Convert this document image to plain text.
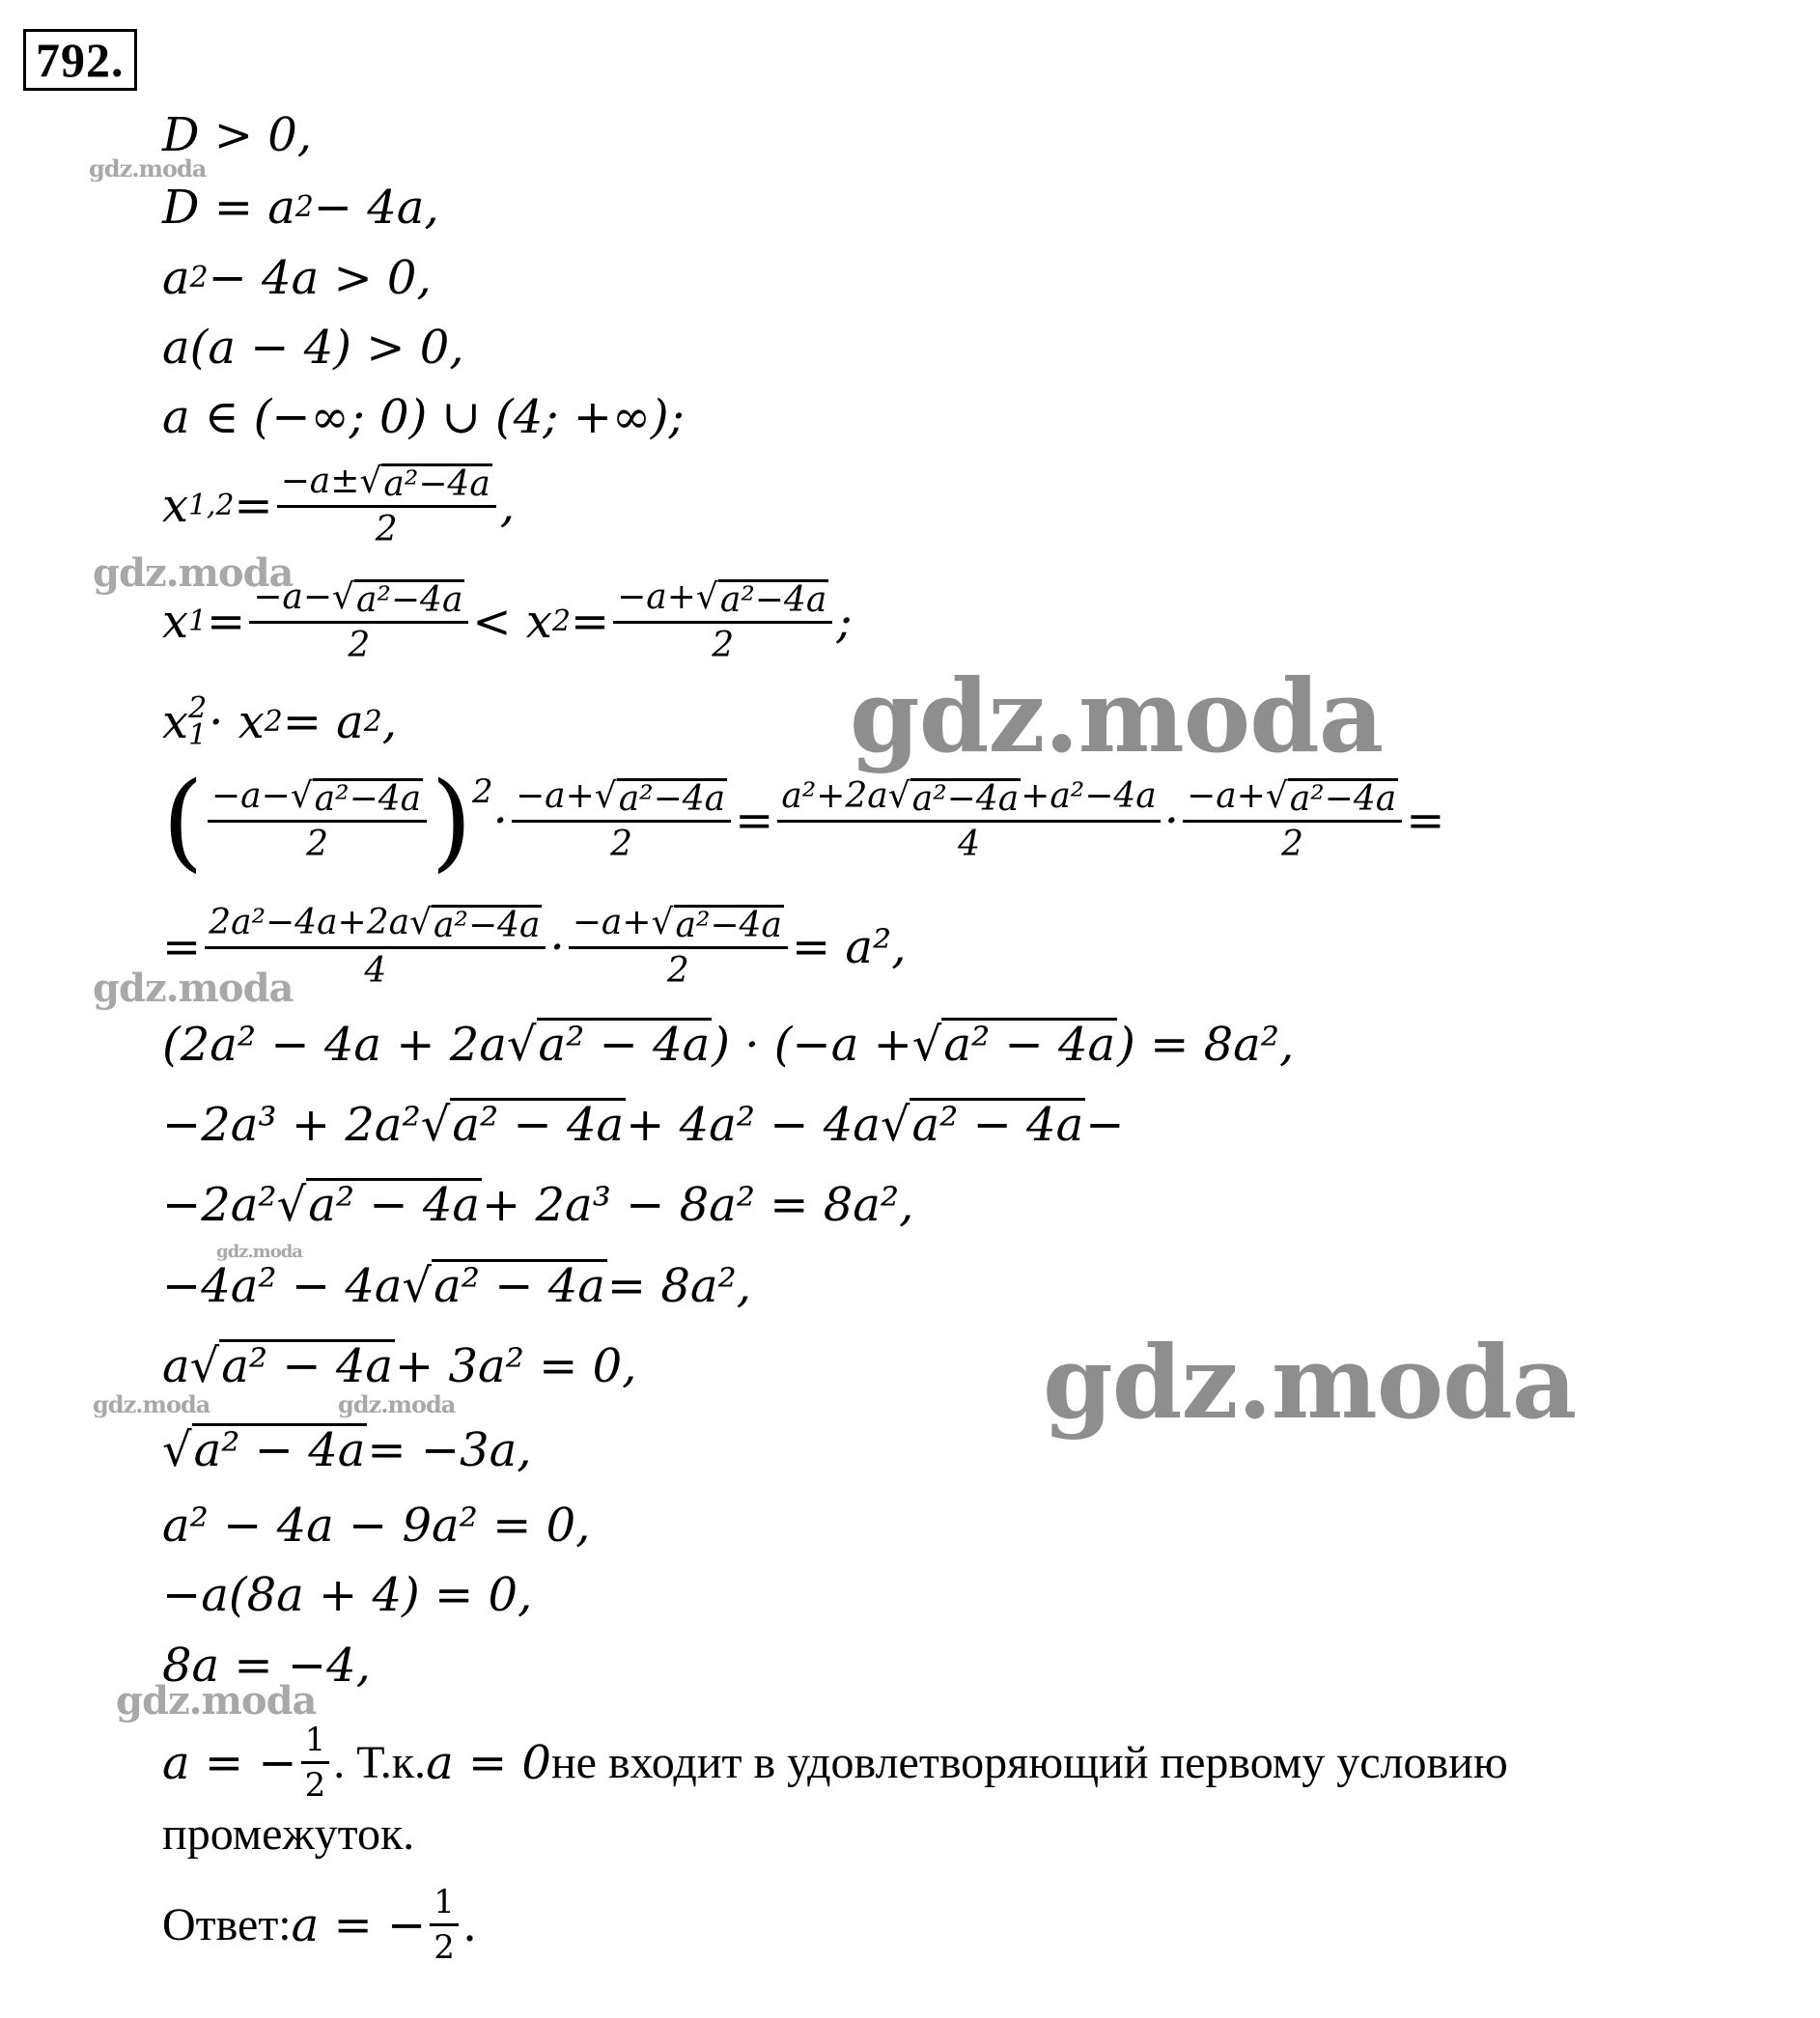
792.
gdz.moda
gdz.moda
gdz.moda
gdz.moda
gdz.moda
gdz.moda
gdz.moda	gdz.moda
gdz.moda
D > 0,
D = a 2 − 4a,
a 2 − 4a > 0,
a(a − 4) > 0,
a ∈ (−∞; 0) ∪ (4; +∞);
x $1,2 = \frac{\text{−a± √ a²−4a}}{2}$ ,
x $1 = \frac{\text{−a− √ a²−4a}}{2} < x$ $2 = \frac{\text{−a+ √ a²−4a}}{2}$ ;
x 2
1 · x 2 = a 2 ,
( $\frac{\text{−a− √ a²−4a}}{2}$ ) 2
· $\frac{\text{−a+ √ a²−4a}}{2} = \frac{\text{a²+2a √ a²−4a +a²−4a}}{4} \cdot \frac{\text{−a+ √ a²−4a}}{2}$ =
= $\frac{\text{2a²−4a+2a √ a²−4a}}{4} \cdot \frac{\text{−a+ √ a²−4a}}{2} = a^2$,
(2a² − 4a + 2a √ a² − 4a ) · (−a + √ a² − 4a ) = 8a²,
−2a³ + 2a² √ a² − 4a + 4a² − 4a √ a² − 4a −
−2a² √ a² − 4a + 2a³ − 8a² = 8a²,
−4a² − 4a √ a² − 4a = 8a²,
a √ a² − 4a + 3a² = 0,
√ a² − 4a = −3a,
a² − 4a − 9a² = 0,
−a(8a + 4) = 0,
8a = −4,
a = − $\frac{1}{2}$ . Т.к. a = 0 не входит в удовлетворяющий первому условию
промежуток.
Ответ: a = − $\frac{1}{2}$ .
